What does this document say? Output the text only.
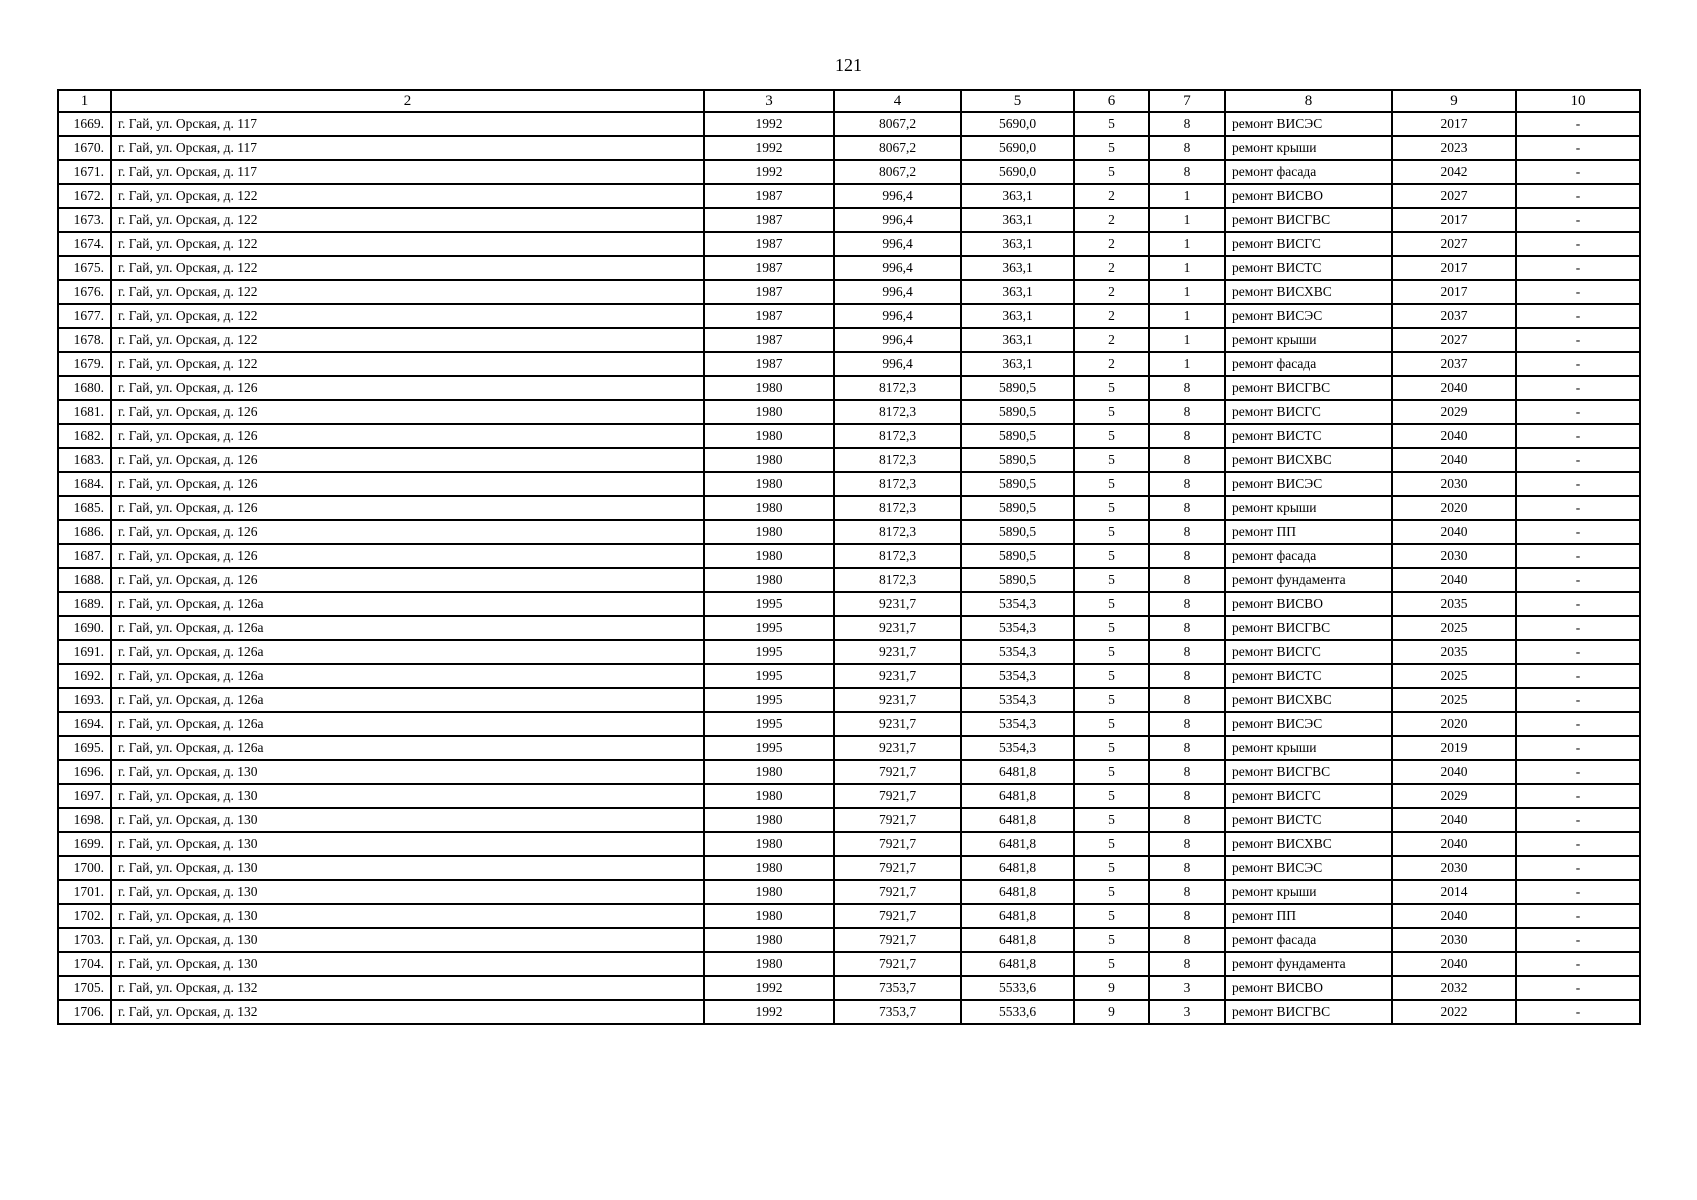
121
1	2	3	4	5	6	7	8	9	10
1669.	г. Гай, ул. Орская, д. 117	1992	8067,2	5690,0	5	8	ремонт ВИСЭС	2017	-
1670.	г. Гай, ул. Орская, д. 117	1992	8067,2	5690,0	5	8	ремонт крыши	2023	-
1671.	г. Гай, ул. Орская, д. 117	1992	8067,2	5690,0	5	8	ремонт фасада	2042	-
1672.	г. Гай, ул. Орская, д. 122	1987	996,4	363,1	2	1	ремонт ВИСВО	2027	-
1673.	г. Гай, ул. Орская, д. 122	1987	996,4	363,1	2	1	ремонт ВИСГВС	2017	-
1674.	г. Гай, ул. Орская, д. 122	1987	996,4	363,1	2	1	ремонт ВИСГС	2027	-
1675.	г. Гай, ул. Орская, д. 122	1987	996,4	363,1	2	1	ремонт ВИСТС	2017	-
1676.	г. Гай, ул. Орская, д. 122	1987	996,4	363,1	2	1	ремонт ВИСХВС	2017	-
1677.	г. Гай, ул. Орская, д. 122	1987	996,4	363,1	2	1	ремонт ВИСЭС	2037	-
1678.	г. Гай, ул. Орская, д. 122	1987	996,4	363,1	2	1	ремонт крыши	2027	-
1679.	г. Гай, ул. Орская, д. 122	1987	996,4	363,1	2	1	ремонт фасада	2037	-
1680.	г. Гай, ул. Орская, д. 126	1980	8172,3	5890,5	5	8	ремонт ВИСГВС	2040	-
1681.	г. Гай, ул. Орская, д. 126	1980	8172,3	5890,5	5	8	ремонт ВИСГС	2029	-
1682.	г. Гай, ул. Орская, д. 126	1980	8172,3	5890,5	5	8	ремонт ВИСТС	2040	-
1683.	г. Гай, ул. Орская, д. 126	1980	8172,3	5890,5	5	8	ремонт ВИСХВС	2040	-
1684.	г. Гай, ул. Орская, д. 126	1980	8172,3	5890,5	5	8	ремонт ВИСЭС	2030	-
1685.	г. Гай, ул. Орская, д. 126	1980	8172,3	5890,5	5	8	ремонт крыши	2020	-
1686.	г. Гай, ул. Орская, д. 126	1980	8172,3	5890,5	5	8	ремонт ПП	2040	-
1687.	г. Гай, ул. Орская, д. 126	1980	8172,3	5890,5	5	8	ремонт фасада	2030	-
1688.	г. Гай, ул. Орская, д. 126	1980	8172,3	5890,5	5	8	ремонт фундамента	2040	-
1689.	г. Гай, ул. Орская, д. 126а	1995	9231,7	5354,3	5	8	ремонт ВИСВО	2035	-
1690.	г. Гай, ул. Орская, д. 126а	1995	9231,7	5354,3	5	8	ремонт ВИСГВС	2025	-
1691.	г. Гай, ул. Орская, д. 126а	1995	9231,7	5354,3	5	8	ремонт ВИСГС	2035	-
1692.	г. Гай, ул. Орская, д. 126а	1995	9231,7	5354,3	5	8	ремонт ВИСТС	2025	-
1693.	г. Гай, ул. Орская, д. 126а	1995	9231,7	5354,3	5	8	ремонт ВИСХВС	2025	-
1694.	г. Гай, ул. Орская, д. 126а	1995	9231,7	5354,3	5	8	ремонт ВИСЭС	2020	-
1695.	г. Гай, ул. Орская, д. 126а	1995	9231,7	5354,3	5	8	ремонт крыши	2019	-
1696.	г. Гай, ул. Орская, д. 130	1980	7921,7	6481,8	5	8	ремонт ВИСГВС	2040	-
1697.	г. Гай, ул. Орская, д. 130	1980	7921,7	6481,8	5	8	ремонт ВИСГС	2029	-
1698.	г. Гай, ул. Орская, д. 130	1980	7921,7	6481,8	5	8	ремонт ВИСТС	2040	-
1699.	г. Гай, ул. Орская, д. 130	1980	7921,7	6481,8	5	8	ремонт ВИСХВС	2040	-
1700.	г. Гай, ул. Орская, д. 130	1980	7921,7	6481,8	5	8	ремонт ВИСЭС	2030	-
1701.	г. Гай, ул. Орская, д. 130	1980	7921,7	6481,8	5	8	ремонт крыши	2014	-
1702.	г. Гай, ул. Орская, д. 130	1980	7921,7	6481,8	5	8	ремонт ПП	2040	-
1703.	г. Гай, ул. Орская, д. 130	1980	7921,7	6481,8	5	8	ремонт фасада	2030	-
1704.	г. Гай, ул. Орская, д. 130	1980	7921,7	6481,8	5	8	ремонт фундамента	2040	-
1705.	г. Гай, ул. Орская, д. 132	1992	7353,7	5533,6	9	3	ремонт ВИСВО	2032	-
1706.	г. Гай, ул. Орская, д. 132	1992	7353,7	5533,6	9	3	ремонт ВИСГВС	2022	-
